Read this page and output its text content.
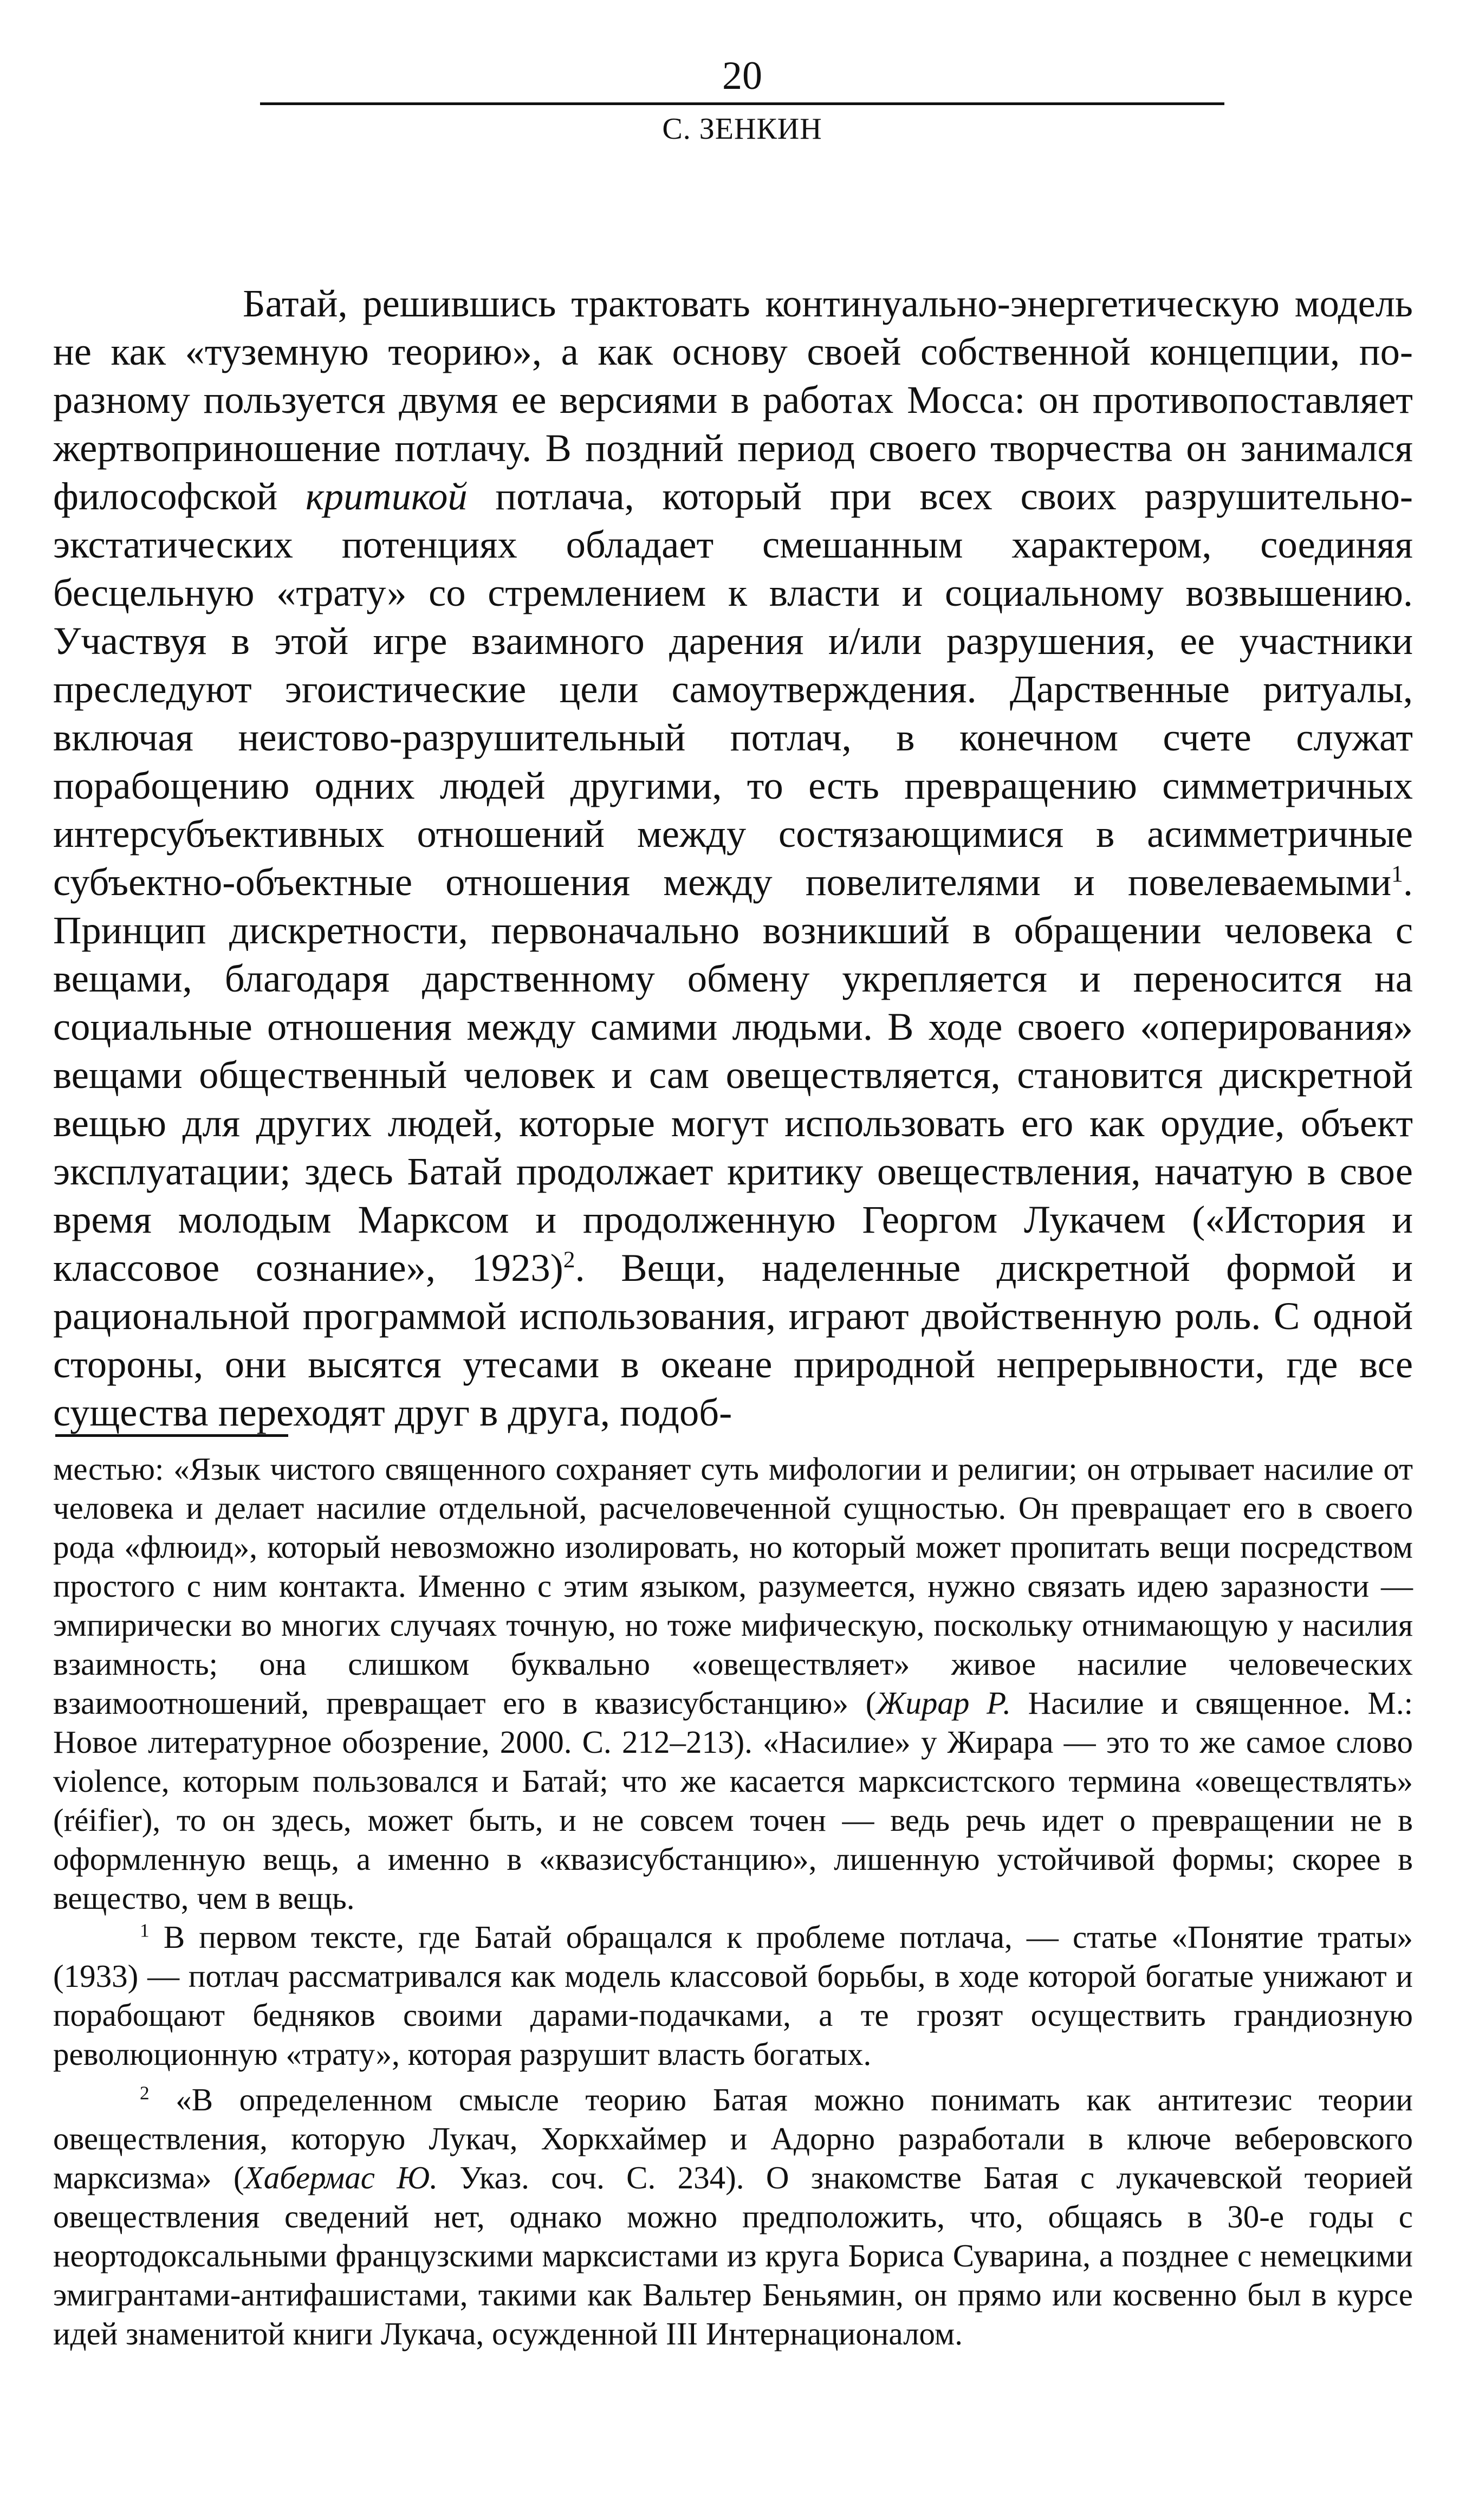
20
С. ЗЕНКИН

Батай, решившись трактовать континуально-энергетическую модель не как «туземную теорию», а как основу своей собственной концепции, по-разному пользуется двумя ее версиями в работах Мосса: он противопоставляет жертвоприношение потлачу. В поздний период своего творчества он занимался философской критикой потлача, который при всех своих разрушительно-экстатических потенциях обладает смешанным характером, соединяя бесцельную «трату» со стремлением к власти и социальному возвышению. Участвуя в этой игре взаимного дарения и/или разрушения, ее участники преследуют эгоистические цели самоутверждения. Дарственные ритуалы, включая неистово-разрушительный потлач, в конечном счете служат порабощению одних людей другими, то есть превращению симметричных интерсубъективных отношений между состязающимися в асимметричные субъектно-объектные отношения между повелителями и повелеваемыми$^1$. Принцип дискретности, первоначально возникший в обращении человека с вещами, благодаря дарственному обмену укрепляется и переносится на социальные отношения между самими людьми. В ходе своего «оперирования» вещами общественный человек и сам овеществляется, становится дискретной вещью для других людей, которые могут использовать его как орудие, объект эксплуатации; здесь Батай продолжает критику овеществления, начатую в свое время молодым Марксом и продолженную Георгом Лукачем («История и классовое сознание», 1923)$^2$. Вещи, наделенные дискретной формой и рациональной программой использования, играют двойственную роль. С одной стороны, они высятся утесами в океане природной непрерывности, где все существа переходят друг в друга, подоб-

местью: «Язык чистого священного сохраняет суть мифологии и религии; он отрывает насилие от человека и делает насилие отдельной, расчеловеченной сущностью. Он превращает его в своего рода «флюид», который невозможно изолировать, но который может пропитать вещи посредством простого с ним контакта. Именно с этим языком, разумеется, нужно связать идею заразности — эмпирически во многих случаях точную, но тоже мифическую, поскольку отнимающую у насилия взаимность; она слишком буквально «овеществляет» живое насилие человеческих взаимоотношений, превращает его в квазисубстанцию» (Жирар Р. Насилие и священное. М.: Новое литературное обозрение, 2000. С. 212–213). «Насилие» у Жирара — это то же самое слово violence, которым пользовался и Батай; что же касается марксистского термина «овеществлять» (réifier), то он здесь, может быть, и не совсем точен — ведь речь идет о превращении не в оформленную вещь, а именно в «квазисубстанцию», лишенную устойчивой формы; скорее в вещество, чем в вещь.

$^1$ В первом тексте, где Батай обращался к проблеме потлача, — статье «Понятие траты» (1933) — потлач рассматривался как модель классовой борьбы, в ходе которой богатые унижают и порабощают бедняков своими дарами-подачками, а те грозят осуществить грандиозную революционную «трату», которая разрушит власть богатых.

$^2$ «В определенном смысле теорию Батая можно понимать как антитезис теории овеществления, которую Лукач, Хоркхаймер и Адорно разработали в ключе веберовского марксизма» (Хабермас Ю. Указ. соч. С. 234). О знакомстве Батая с лукачевской теорией овеществления сведений нет, однако можно предположить, что, общаясь в 30-е годы с неортодоксальными французскими марксистами из круга Бориса Суварина, а позднее с немецкими эмигрантами-антифашистами, такими как Вальтер Беньямин, он прямо или косвенно был в курсе идей знаменитой книги Лукача, осужденной III Интернационалом.
